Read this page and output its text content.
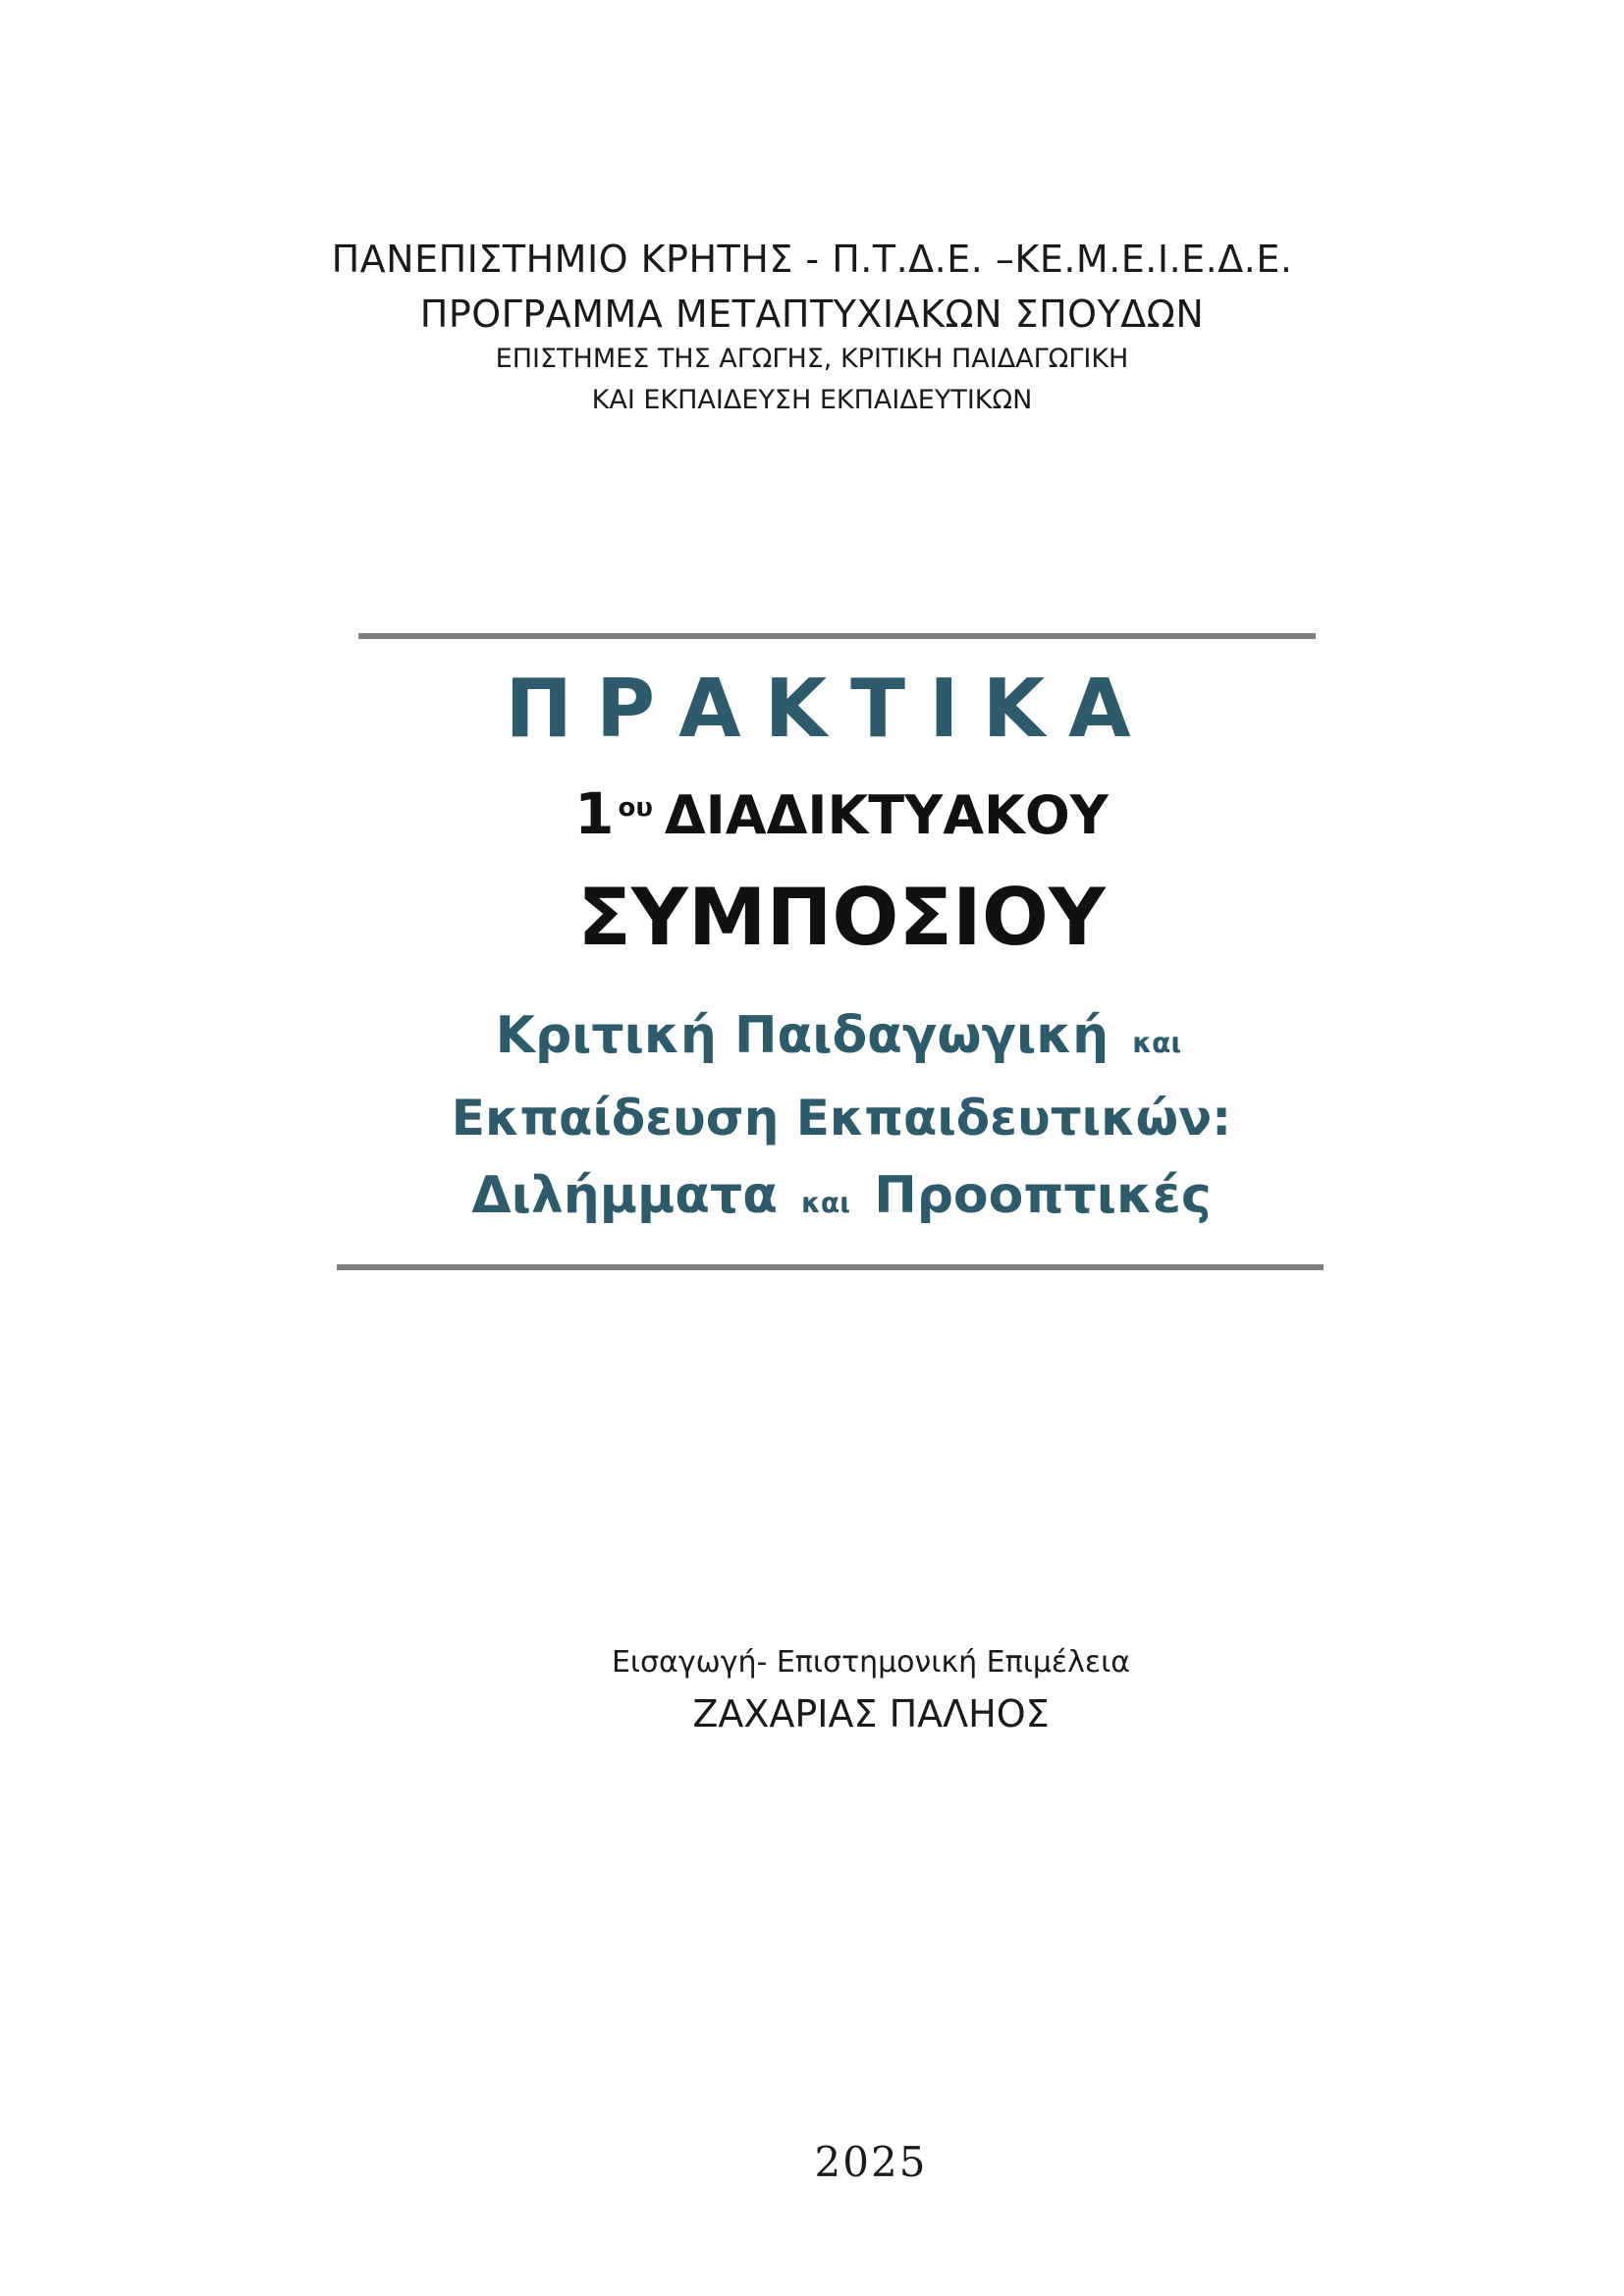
ΠΑΝΕΠΙΣΤΗΜΙΟ ΚΡΗΤΗΣ - Π.Τ.Δ.Ε. –ΚΕ.Μ.Ε.Ι.Ε.Δ.Ε.
ΠΡΟΓΡΑΜΜΑ ΜΕΤΑΠΤΥΧΙΑΚΩΝ ΣΠΟΥΔΩΝ
ΕΠΙΣΤΗΜΕΣ ΤΗΣ ΑΓΩΓΗΣ, ΚΡΙΤΙΚΗ ΠΑΙΔΑΓΩΓΙΚΗ
ΚΑΙ ΕΚΠΑΙΔΕΥΣΗ ΕΚΠΑΙΔΕΥΤΙΚΩΝ
ΠΡΑΚΤΙΚΑ
1 $^{o\upsilon}$ ΔΙΑΔΙΚΤΥΑΚΟΥ
ΣΥΜΠΟΣΙΟΥ
Κριτική Παιδαγωγική και
Εκπαίδευση Εκπαιδευτικών:
Διλήμματα και Προοπτικές
Εισαγωγή- Επιστημονική Επιμέλεια
ΖΑΧΑΡΙΑΣ ΠΑΛΗΟΣ
2025
